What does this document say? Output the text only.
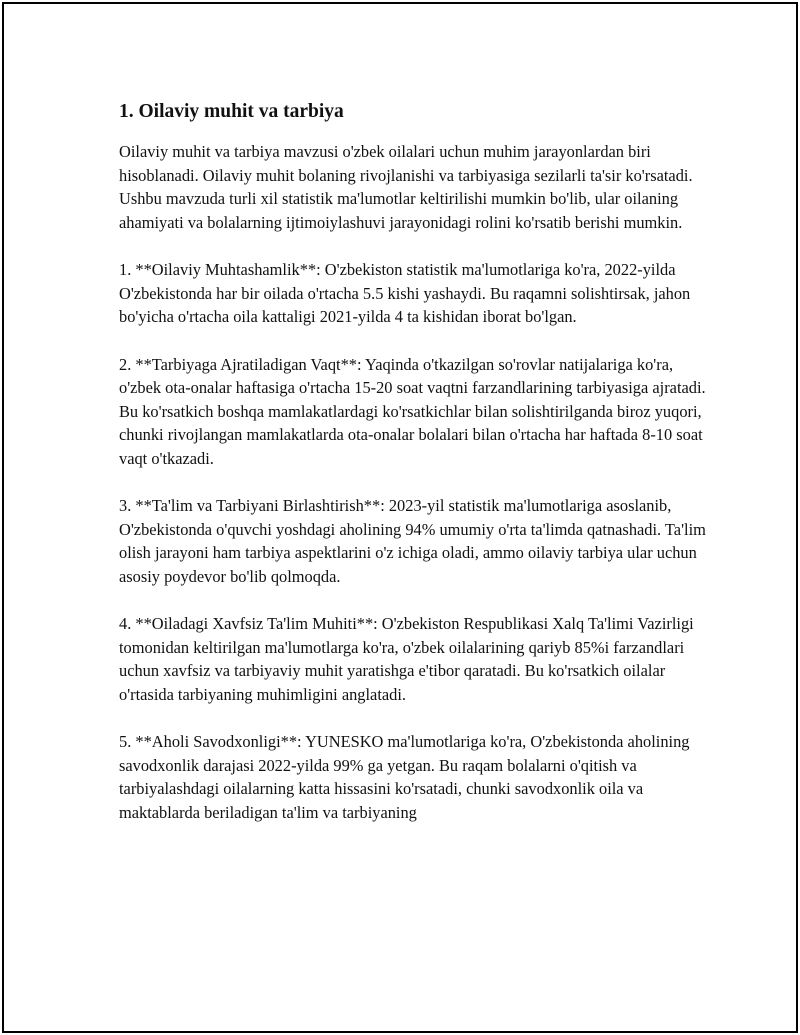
1. Oilaviy muhit va tarbiya

Oilaviy muhit va tarbiya mavzusi o'zbek oilalari uchun muhim jarayonlardan biri hisoblanadi. Oilaviy muhit bolaning rivojlanishi va tarbiyasiga sezilarli ta'sir ko'rsatadi. Ushbu mavzuda turli xil statistik ma'lumotlar keltirilishi mumkin bo'lib, ular oilaning ahamiyati va bolalarning ijtimoiylashuvi jarayonidagi rolini ko'rsatib berishi mumkin.

1. **Oilaviy Muhtashamlik**: O'zbekiston statistik ma'lumotlariga ko'ra, 2022-yilda O'zbekistonda har bir oilada o'rtacha 5.5 kishi yashaydi. Bu raqamni solishtirsak, jahon bo'yicha o'rtacha oila kattaligi 2021-yilda 4 ta kishidan iborat bo'lgan.

2. **Tarbiyaga Ajratiladigan Vaqt**: Yaqinda o'tkazilgan so'rovlar natijalariga ko'ra, o'zbek ota-onalar haftasiga o'rtacha 15-20 soat vaqtni farzandlarining tarbiyasiga ajratadi. Bu ko'rsatkich boshqa mamlakatlardagi ko'rsatkichlar bilan solishtirilganda biroz yuqori, chunki rivojlangan mamlakatlarda ota-onalar bolalari bilan o'rtacha har haftada 8-10 soat vaqt o'tkazadi.

3. **Ta'lim va Tarbiyani Birlashtirish**: 2023-yil statistik ma'lumotlariga asoslanib, O'zbekistonda o'quvchi yoshdagi aholining 94% umumiy o'rta ta'limda qatnashadi. Ta'lim olish jarayoni ham tarbiya aspektlarini o'z ichiga oladi, ammo oilaviy tarbiya ular uchun asosiy poydevor bo'lib qolmoqda.

4. **Oiladagi Xavfsiz Ta'lim Muhiti**: O'zbekiston Respublikasi Xalq Ta'limi Vazirligi tomonidan keltirilgan ma'lumotlarga ko'ra, o'zbek oilalarining qariyb 85%i farzandlari uchun xavfsiz va tarbiyaviy muhit yaratishga e'tibor qaratadi. Bu ko'rsatkich oilalar o'rtasida tarbiyaning muhimligini anglatadi.

5. **Aholi Savodxonligi**: YUNESKO ma'lumotlariga ko'ra, O'zbekistonda aholining savodxonlik darajasi 2022-yilda 99% ga yetgan. Bu raqam bolalarni o'qitish va tarbiyalashdagi oilalarning katta hissasini ko'rsatadi, chunki savodxonlik oila va maktablarda beriladigan ta'lim va tarbiyaning
